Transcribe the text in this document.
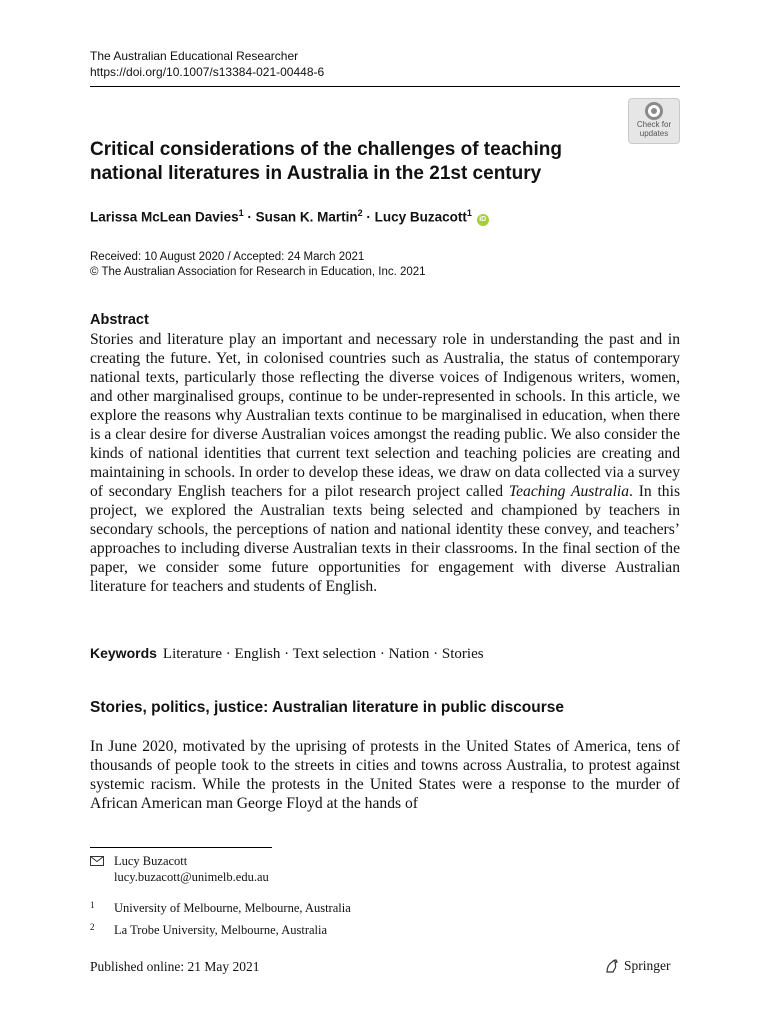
The Australian Educational Researcher
https://doi.org/10.1007/s13384-021-00448-6
Check for
updates
Critical considerations of the challenges of teaching national literatures in Australia in the 21st century
Larissa McLean Davies$^1$ · Susan K. Martin$^2$ · Lucy Buzacott$^1$ iD
Received: 10 August 2020 / Accepted: 24 March 2021
© The Australian Association for Research in Education, Inc. 2021
Abstract

Stories and literature play an important and necessary role in understanding the past and in creating the future. Yet, in colonised countries such as Australia, the status of contemporary national texts, particularly those reflecting the diverse voices of Indigenous writers, women, and other marginalised groups, continue to be under-represented in schools. In this article, we explore the reasons why Australian texts continue to be marginalised in education, when there is a clear desire for diverse Australian voices amongst the reading public. We also consider the kinds of national identities that current text selection and teaching policies are creating and maintaining in schools. In order to develop these ideas, we draw on data collected via a survey of secondary English teachers for a pilot research project called Teaching Australia. In this project, we explored the Australian texts being selected and championed by teachers in secondary schools, the perceptions of nation and national identity these convey, and teachers’ approaches to including diverse Australian texts in their classrooms. In the final section of the paper, we consider some future opportunities for engagement with diverse Australian literature for teachers and students of English.

Keywords Literature · English · Text selection · Nation · Stories
Stories, politics, justice: Australian literature in public discourse

In June 2020, motivated by the uprising of protests in the United States of America, tens of thousands of people took to the streets in cities and towns across Australia, to protest against systemic racism. While the protests in the United States were a response to the murder of African American man George Floyd at the hands of

Lucy Buzacott
lucy.buzacott@unimelb.edu.au
1 University of Melbourne, Melbourne, Australia
2 La Trobe University, Melbourne, Australia
Published online: 21 May 2021	Springer
